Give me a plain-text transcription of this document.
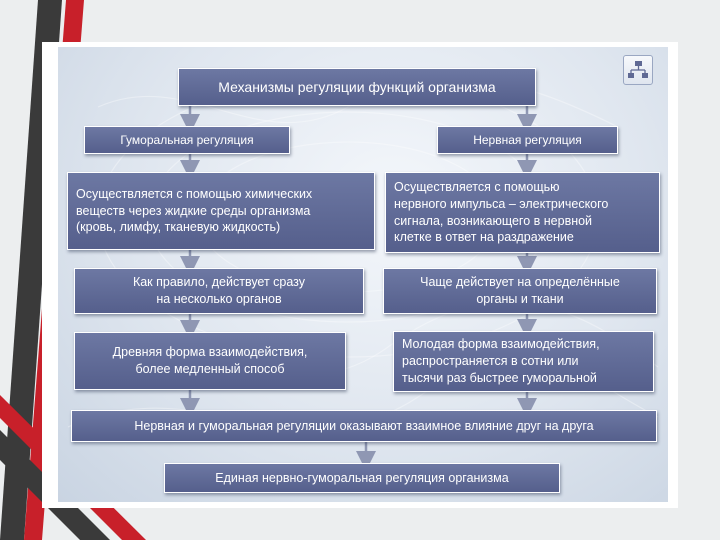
Механизмы регуляции функций организма
Гуморальная регуляция	Нервная регуляция
Осуществляется с помощью химических
веществ через жидкие среды организма
(кровь, лимфу, тканевую жидкость)
Осуществляется с помощью
нервного импульса – электрического
сигнала, возникающего в нервной
клетке в ответ на раздражение
Как правило, действует сразу
на несколько органов
Чаще действует на определённые
органы и ткани
Древняя форма взаимодействия,
более медленный способ
Молодая форма взаимодействия,
распространяется в сотни или
тысячи раз быстрее гуморальной
Нервная и гуморальная регуляции оказывают взаимное влияние друг на друга
Единая нервно-гуморальная регуляция организма
